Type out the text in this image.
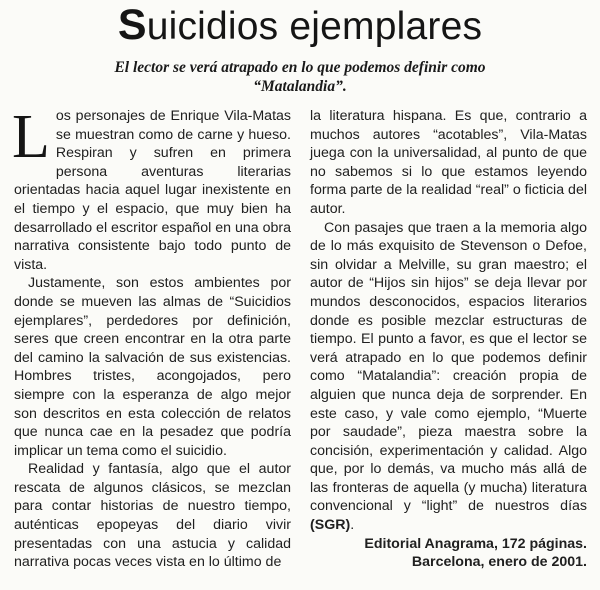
Suicidios ejemplares

El lector se verá atrapado en lo que podemos definir como “Matalandia”.

Los personajes de Enrique Vila-Matas se muestran como de carne y hueso. Respiran y sufren en primera persona aventuras literarias orientadas hacia aquel lugar inexistente en el tiempo y el espacio, que muy bien ha desarrollado el escritor español en una obra narrativa consistente bajo todo punto de vista.

Justamente, son estos ambientes por donde se mueven las almas de “Suicidios ejemplares”, perdedores por definición, seres que creen encontrar en la otra parte del camino la salvación de sus existencias. Hombres tristes, acongojados, pero siempre con la esperanza de algo mejor son descritos en esta colección de relatos que nunca cae en la pesadez que podría implicar un tema como el suicidio.

Realidad y fantasía, algo que el autor rescata de algunos clásicos, se mezclan para contar historias de nuestro tiempo, auténticas epopeyas del diario vivir presentadas con una astucia y calidad narrativa pocas veces vista en lo último de

la literatura hispana. Es que, contrario a muchos autores “acotables”, Vila-Matas juega con la universalidad, al punto de que no sabemos si lo que estamos leyendo forma parte de la realidad “real” o ficticia del autor.

Con pasajes que traen a la memoria algo de lo más exquisito de Stevenson o Defoe, sin olvidar a Melville, su gran maestro; el autor de “Hijos sin hijos” se deja llevar por mundos desconocidos, espacios literarios donde es posible mezclar estructuras de tiempo. El punto a favor, es que el lector se verá atrapado en lo que podemos definir como “Matalandia”: creación propia de alguien que nunca deja de sorprender. En este caso, y vale como ejemplo, “Muerte por saudade”, pieza maestra sobre la concisión, experimentación y calidad. Algo que, por lo demás, va mucho más allá de las fronteras de aquella (y mucha) literatura convencional y “light” de nuestros días (SGR).

Editorial Anagrama, 172 páginas.
Barcelona, enero de 2001.
